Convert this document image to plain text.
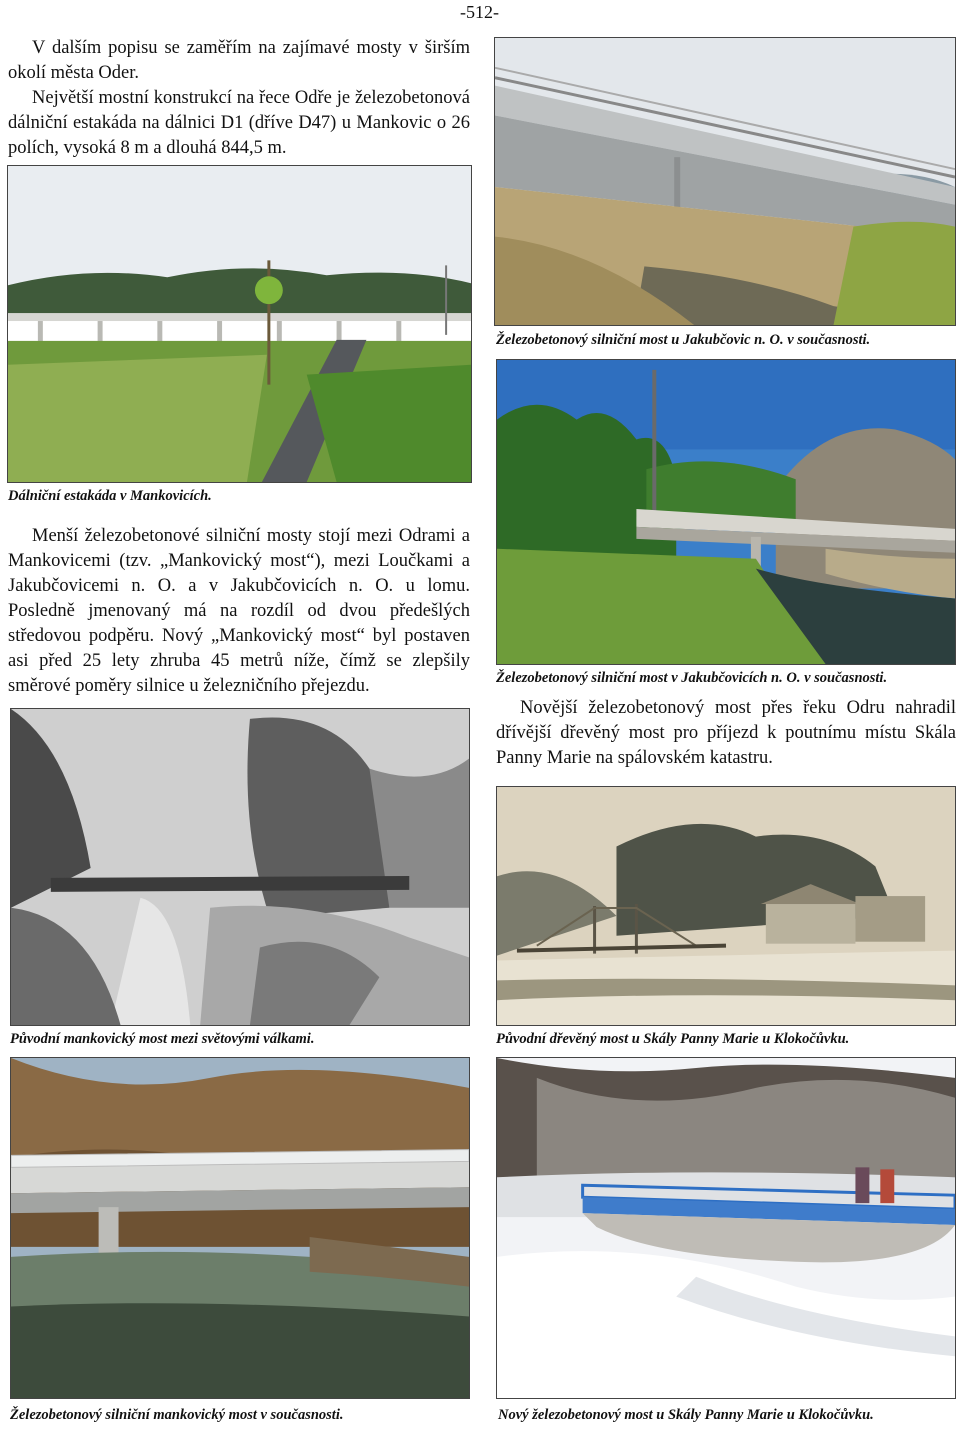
-512-

V dalším popisu se zaměřím na zajímavé mosty v širším okolí města Oder.

Největší mostní konstrukcí na řece Odře je železobetonová dálniční estakáda na dálnici D1 (dříve D47) u Mankovic o 26 polích, vysoká 8 m a dlouhá 844,5 m.

Dálniční estakáda v Mankovicích.
Železobetonový silniční most u Jakubčovic n. O. v současnosti.
Železobetonový silniční most v Jakubčovicích n. O. v současnosti.

Menší železobetonové silniční mosty stojí mezi Odrami a Mankovicemi (tzv. „Mankovický most“), mezi Loučkami a Jakubčovicemi n. O. a v Jakubčovicích n. O. u lomu. Posledně jmenovaný má na rozdíl od dvou předešlých středovou podpěru. Nový „Mankovický most“ byl postaven asi před 25 lety zhruba 45 metrů níže, čímž se zlepšily směrové poměry silnice u železničního přejezdu.

Novější železobetonový most přes řeku Odru nahradil dřívější dřevěný most pro příjezd k poutnímu místu Skála Panny Marie na spálovském katastru.

Původní mankovický most mezi světovými válkami.	Původní dřevěný most u Skály Panny Marie u Klokočůvku.
Železobetonový silniční mankovický most v současnosti.	Nový železobetonový most u Skály Panny Marie u Klokočůvku.
